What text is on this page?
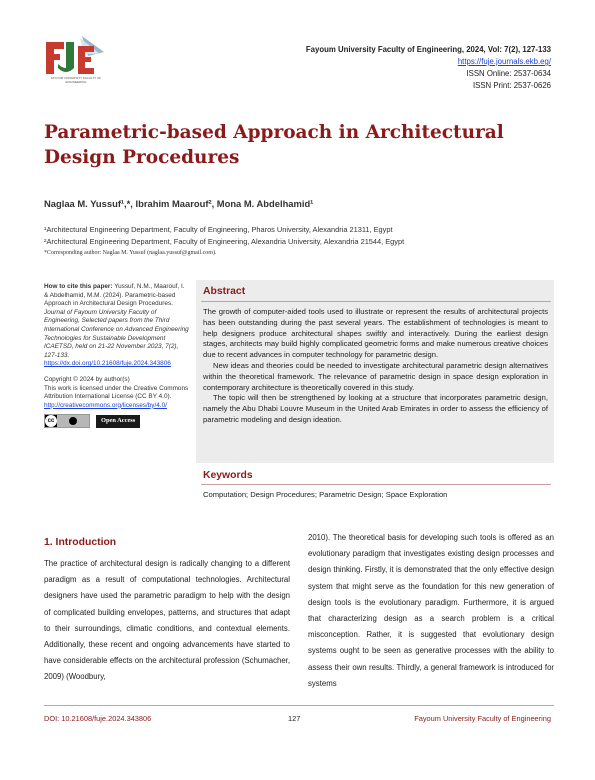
FAYOUM UNIVERSITY FACULTY OF ENGINEERING
Fayoum University Faculty of Engineering, 2024, Vol: 7(2), 127-133
https://fuje.journals.ekb.eg/
ISSN Online: 2537-0634
ISSN Print: 2537-0626
Parametric-based Approach in Architectural Design Procedures
Naglaa M. Yussuf¹,*, Ibrahim Maarouf², Mona M. Abdelhamid¹
¹Architectural Engineering Department, Faculty of Engineering, Pharos University, Alexandria 21311, Egypt
²Architectural Engineering Department, Faculty of Engineering, Alexandria University, Alexandria 21544, Egypt
*Corresponding author: Naglaa M. Yussuf (naglaa.yussuf@gmail.com).

How to cite this paper: Yussuf, N.M., Maarouf, I. & Abdelhamid, M.M. (2024). Parametric-based Approach in Architectural Design Procedures. Journal of Fayoum University Faculty of Engineering, Selected papers from the Third International Conference on Advanced Engineering Technologies for Sustainable Development ICAETSD, held on 21-22 November 2023, 7(2), 127-133.
https://dx.doi.org/10.21608/fuje.2024.343806

Copyright © 2024 by author(s)

This work is licensed under the Creative Commons Attribution International License (CC BY 4.0).

http://creativecommons.org/licenses/by/4.0/

cc	Open Access
Abstract

The growth of computer-aided tools used to illustrate or represent the results of architectural projects has been outstanding during the past several years. The establishment of technologies is meant to help designers produce architectural shapes swiftly and interactively. During the earliest design stages, architects may build highly complicated geometric forms and make numerous creative choices due to recent advances in computer technology for parametric design.

New ideas and theories could be needed to investigate architectural parametric design alternatives within the theoretical framework. The relevance of parametric design in space design exploration in contemporary architecture is theoretically covered in this study.

The topic will then be strengthened by looking at a structure that incorporates parametric design, namely the Abu Dhabi Louvre Museum in the United Arab Emirates in order to assess the efficiency of parametric modeling and design ideation.

Keywords
Computation; Design Procedures; Parametric Design; Space Exploration
1. Introduction

The practice of architectural design is radically changing to a different paradigm as a result of computational technologies. Architectural designers have used the parametric paradigm to help with the design of complicated building envelopes, patterns, and structures that adapt to their surroundings, climatic conditions, and contextual elements. Additionally, these recent and ongoing advancements have started to have considerable effects on the architectural profession (Schumacher, 2009) (Woodbury,

2010). The theoretical basis for developing such tools is offered as an evolutionary paradigm that investigates existing design processes and design thinking. Firstly, it is demonstrated that the only effective design system that might serve as the foundation for this new generation of design tools is the evolutionary paradigm. Furthermore, it is argued that characterizing design as a search problem is a critical misconception. Rather, it is suggested that evolutionary design systems ought to be seen as generative processes with the ability to assess their own results. Thirdly, a general framework is introduced for systems

DOI: 10.21608/fuje.2024.343806	127	Fayoum University Faculty of Engineering
